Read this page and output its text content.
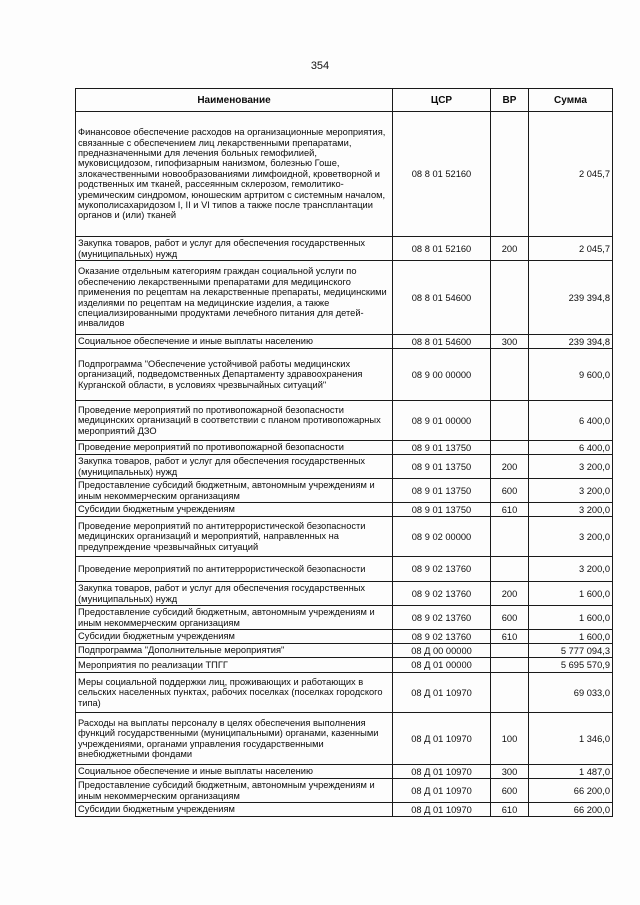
354
Наименование	ЦСР	ВР	Сумма
Финансовое обеспечение расходов на организационные мероприятия, связанные с обеспечением лиц лекарственными препаратами, предназначенными для лечения больных гемофилией, муковисцидозом, гипофизарным нанизмом, болезнью Гоше, злокачественными новообразованиями лимфоидной, кроветворной и родственных им тканей, рассеянным склерозом, гемолитико-уремическим синдромом, юношеским артритом с системным началом, мукополисахаридозом I, II и VI типов а также после трансплантации органов и (или) тканей	08 8 01 52160		2 045,7
Закупка товаров, работ и услуг для обеспечения государственных (муниципальных) нужд	08 8 01 52160	200	2 045,7
Оказание отдельным категориям граждан социальной услуги по обеспечению лекарственными препаратами для медицинского применения по рецептам на лекарственные препараты, медицинскими изделиями по рецептам на медицинские изделия, а также специализированными продуктами лечебного питания для детей-инвалидов	08 8 01 54600		239 394,8
Социальное обеспечение и иные выплаты населению	08 8 01 54600	300	239 394,8
Подпрограмма "Обеспечение устойчивой работы медицинских организаций, подведомственных Департаменту здравоохранения Курганской области, в условиях чрезвычайных ситуаций"	08 9 00 00000		9 600,0
Проведение мероприятий по противопожарной безопасности медицинских организаций в соответствии с планом противопожарных мероприятий ДЗО	08 9 01 00000		6 400,0
Проведение мероприятий по противопожарной безопасности	08 9 01 13750		6 400,0
Закупка товаров, работ и услуг для обеспечения государственных (муниципальных) нужд	08 9 01 13750	200	3 200,0
Предоставление субсидий бюджетным, автономным учреждениям и иным некоммерческим организациям	08 9 01 13750	600	3 200,0
Субсидии бюджетным учреждениям	08 9 01 13750	610	3 200,0
Проведение мероприятий по антитеррористической безопасности медицинских организаций и мероприятий, направленных на предупреждение чрезвычайных ситуаций	08 9 02 00000		3 200,0
Проведение мероприятий по антитеррористической безопасности	08 9 02 13760		3 200,0
Закупка товаров, работ и услуг для обеспечения государственных (муниципальных) нужд	08 9 02 13760	200	1 600,0
Предоставление субсидий бюджетным, автономным учреждениям и иным некоммерческим организациям	08 9 02 13760	600	1 600,0
Субсидии бюджетным учреждениям	08 9 02 13760	610	1 600,0
Подпрограмма "Дополнительные мероприятия"	08 Д 00 00000		5 777 094,3
Мероприятия по реализации ТПГГ	08 Д 01 00000		5 695 570,9
Меры социальной поддержки лиц, проживающих и работающих в сельских населенных пунктах, рабочих поселках (поселках городского типа)	08 Д 01 10970		69 033,0
Расходы на выплаты персоналу в целях обеспечения выполнения функций государственными (муниципальными) органами, казенными учреждениями, органами управления государственными внебюджетными фондами	08 Д 01 10970	100	1 346,0
Социальное обеспечение и иные выплаты населению	08 Д 01 10970	300	1 487,0
Предоставление субсидий бюджетным, автономным учреждениям и иным некоммерческим организациям	08 Д 01 10970	600	66 200,0
Субсидии бюджетным учреждениям	08 Д 01 10970	610	66 200,0
